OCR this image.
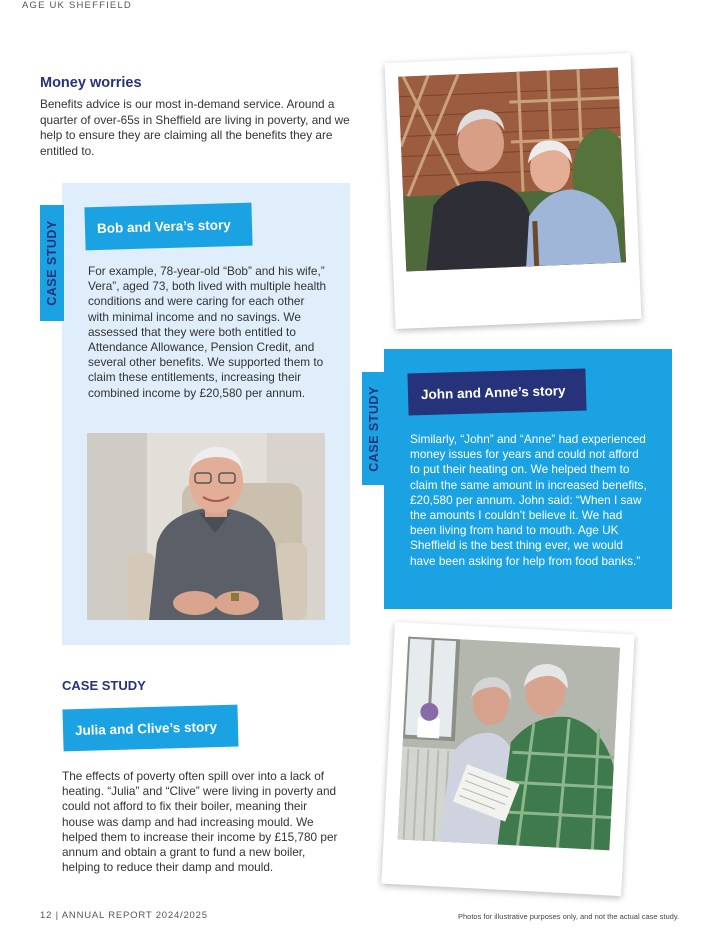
AGE UK SHEFFIELD
Money worries
Benefits advice is our most in-demand service. Around a quarter of over-65s in Sheffield are living in poverty, and we help to ensure they are claiming all the benefits they are entitled to.
CASE STUDY	Bob and Vera’s story
For example, 78-year-old “Bob” and his wife,” Vera”, aged 73, both lived with multiple health conditions and were caring for each other with minimal income and no savings. We assessed that they were both entitled to Attendance Allowance, Pension Credit, and several other benefits. We supported them to claim these entitlements, increasing their combined income by £20,580 per annum.	CASE STUDY	John and Anne’s story
Similarly, “John” and “Anne” had experienced money issues for years and could not afford to put their heating on. We helped them to claim the same amount in increased benefits, £20,580 per annum. John said: “When I saw the amounts I couldn’t believe it. We had been living from hand to mouth. Age UK Sheffield is the best thing ever, we would have been asking for help from food banks.”
CASE STUDY
Julia and Clive’s story
The effects of poverty often spill over into a lack of heating. “Julia” and “Clive” were living in poverty and could not afford to fix their boiler, meaning their house was damp and had increasing mould. We helped them to increase their income by £15,780 per annum and obtain a grant to fund a new boiler, helping to reduce their damp and mould.
12 | ANNUAL REPORT 2024/2025	Photos for illustrative purposes only, and not the actual case study.
